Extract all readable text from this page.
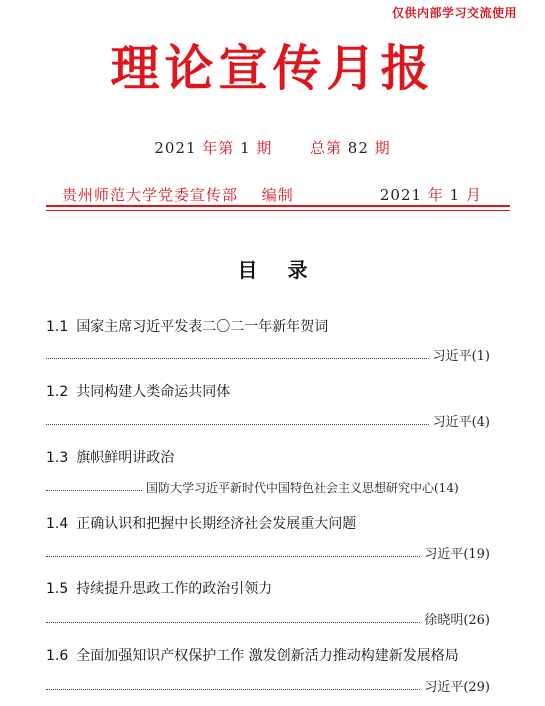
仅供内部学习交流使用
理论宣传月报
2021 年第 1 期	总第 82 期
贵州师范大学党委宣传部 编制	2021 年 1 月
目录
1.1 国家主席习近平发表二〇二一年新年贺词
习近平(1)
1.2 共同构建人类命运共同体
习近平(4)
1.3 旗帜鲜明讲政治
国防大学习近平新时代中国特色社会主义思想研究中心(14)
1.4 正确认识和把握中长期经济社会发展重大问题
习近平(19)
1.5 持续提升思政工作的政治引领力
徐晓明(26)
1.6 全面加强知识产权保护工作 激发创新活力推动构建新发展格局
习近平(29)
